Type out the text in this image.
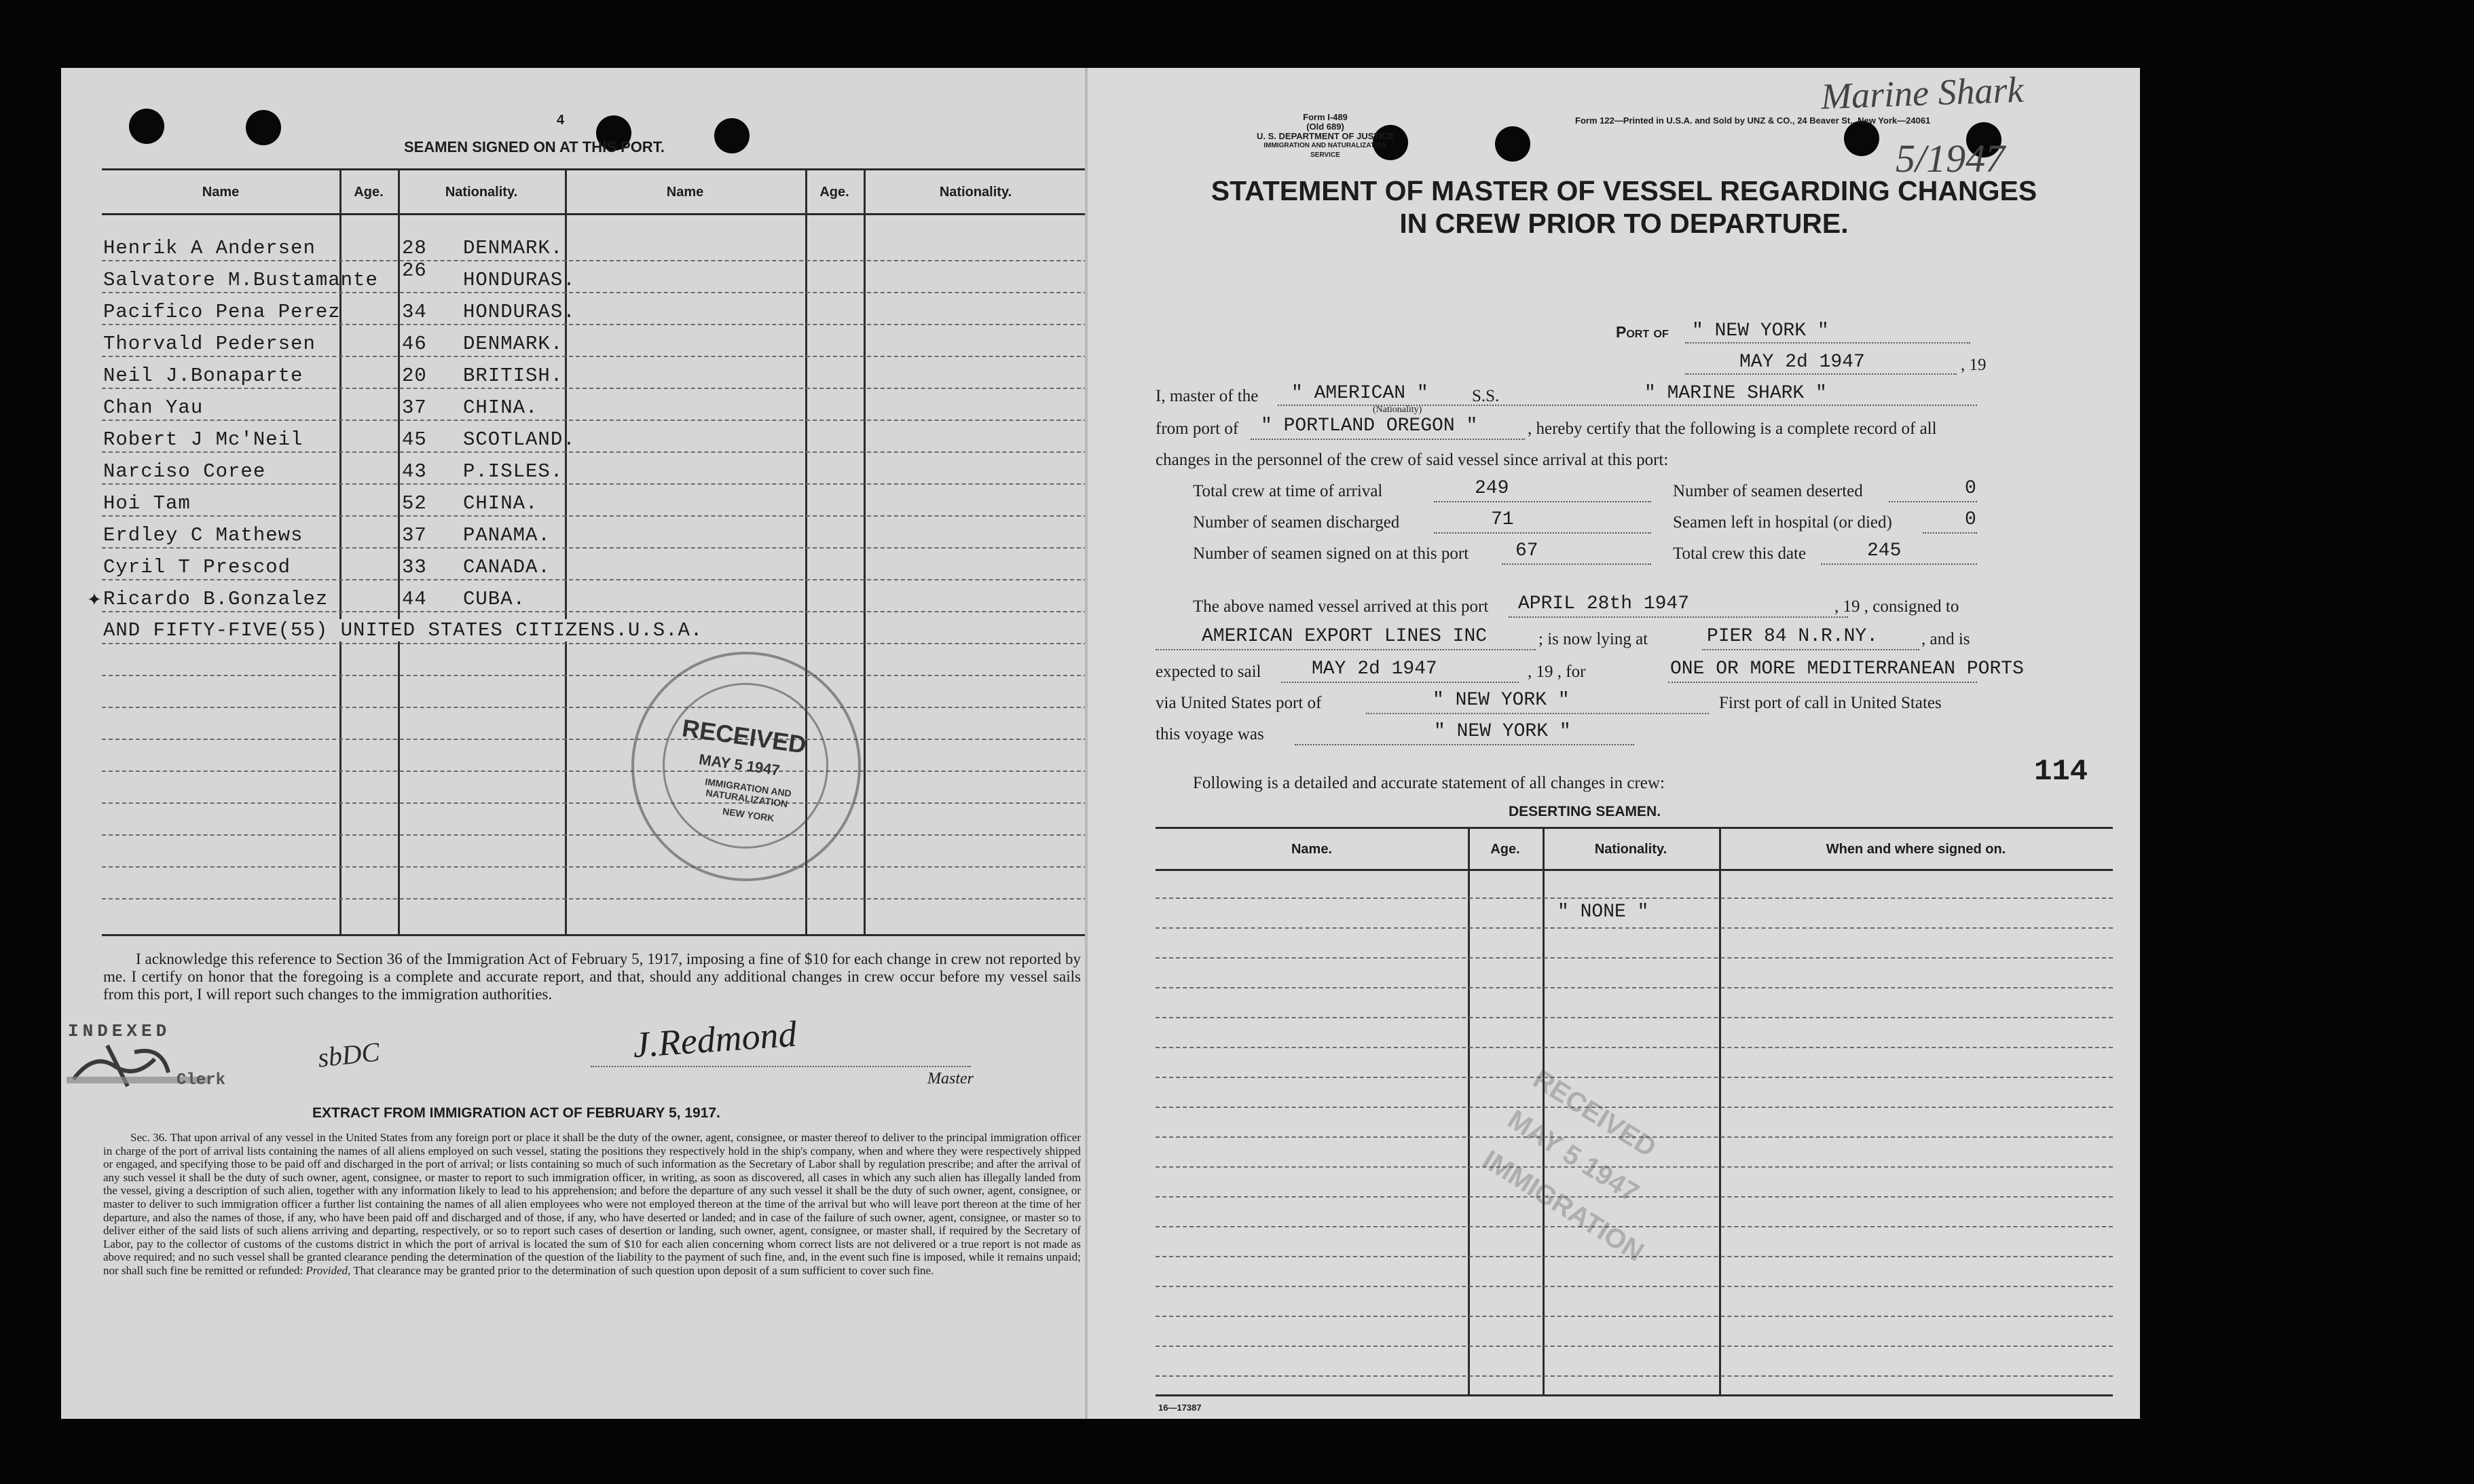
4
SEAMEN SIGNED ON AT THIS PORT.
Name	Age.	Nationality.	Name	Age.	Nationality.
Henrik A Andersen	28 DENMARK.
Salvatore M.Bustamante 26 HONDURAS.
Pacifico Pena Perez	34 HONDURAS.
Thorvald Pedersen	46 DENMARK.
Neil J.Bonaparte	20 BRITISH.
Chan Yau	37 CHINA.
Robert J Mc'Neil	45 SCOTLAND.
Narciso Coree	43 P.ISLES.
Hoi Tam	52 CHINA.
Erdley C Mathews	37 PANAMA.
Cyril T Prescod	33 CANADA.
Ricardo B.Gonzalez	44 CUBA.
✦
AND FIFTY-FIVE(55) UNITED STATES CITIZENS.U.S.A.
RECEIVED
MAY 5 1947
IMMIGRATION AND NATURALIZATION
NEW YORK
I acknowledge this reference to Section 36 of the Immigration Act of February 5, 1917, imposing a fine of $10 for each change in crew not reported by me. I certify on honor that the foregoing is a complete and accurate report, and that, should any additional changes in crew occur before my vessel sails from this port, I will report such changes to the immigration authorities.
INDEXED
Clerk
sbDC	J.Redmond
Master
EXTRACT FROM IMMIGRATION ACT OF FEBRUARY 5, 1917.
Sec. 36. That upon arrival of any vessel in the United States from any foreign port or place it shall be the duty of the owner, agent, consignee, or master thereof to deliver to the principal immigration officer in charge of the port of arrival lists containing the names of all aliens employed on such vessel, stating the positions they respectively hold in the ship's company, when and where they were respectively shipped or engaged, and specifying those to be paid off and discharged in the port of arrival; or lists containing so much of such information as the Secretary of Labor shall by regulation prescribe; and after the arrival of any such vessel it shall be the duty of such owner, agent, consignee, or master to report to such immigration officer, in writing, as soon as discovered, all cases in which any such alien has illegally landed from the vessel, giving a description of such alien, together with any information likely to lead to his apprehension; and before the departure of any such vessel it shall be the duty of such owner, agent, consignee, or master to deliver to such immigration officer a further list containing the names of all alien employees who were not employed thereon at the time of the arrival but who will leave port thereon at the time of her departure, and also the names of those, if any, who have been paid off and discharged and of those, if any, who have deserted or landed; and in case of the failure of such owner, agent, consignee, or master so to deliver either of the said lists of such aliens arriving and departing, respectively, or so to report such cases of desertion or landing, such owner, agent, consignee, or master shall, if required by the Secretary of Labor, pay to the collector of customs of the customs district in which the port of arrival is located the sum of $10 for each alien concerning whom correct lists are not delivered or a true report is not made as above required; and no such vessel shall be granted clearance pending the determination of the question of the liability to the payment of such fine, and, in the event such fine is imposed, while it remains unpaid; nor shall such fine be remitted or refunded: Provided, That clearance may be granted prior to the determination of such question upon deposit of a sum sufficient to cover such fine.
Form I-489
(Old 689)
U. S. DEPARTMENT OF JUSTICE
IMMIGRATION AND NATURALIZATION SERVICE
Form 122—Printed in U.S.A. and Sold by UNZ & CO., 24 Beaver St., New York—24061
Marine Shark
5/1947
STATEMENT OF MASTER OF VESSEL REGARDING CHANGES
IN CREW PRIOR TO DEPARTURE.
Port of " NEW YORK "
MAY 2d 1947	, 19
I, master of the " AMERICAN "
(Nationality)
S.S.	" MARINE SHARK "
from port of " PORTLAND OREGON "	, hereby certify that the following is a complete record of all
changes in the personnel of the crew of said vessel since arrival at this port:
Total crew at time of arrival	249	Number of seamen deserted	0
Number of seamen discharged	71	Seamen left in hospital (or died)	0
Number of seamen signed on at this port 67	Total crew this date	245
The above named vessel arrived at this port APRIL 28th 1947	, 19 , consigned to
AMERICAN EXPORT LINES INC	; is now lying at	PIER 84 N.R.NY.	, and is
expected to sail	MAY 2d 1947	, 19 , for	ONE OR MORE MEDITERRANEAN PORTS
via United States port of	" NEW YORK "	First port of call in United States
this voyage was	" NEW YORK "
114
Following is a detailed and accurate statement of all changes in crew:
DESERTING SEAMEN.
Name.	Age.	Nationality.	When and where signed on.
" NONE "
RECEIVED MAY 5 1947 IMMIGRATION
16—17387
